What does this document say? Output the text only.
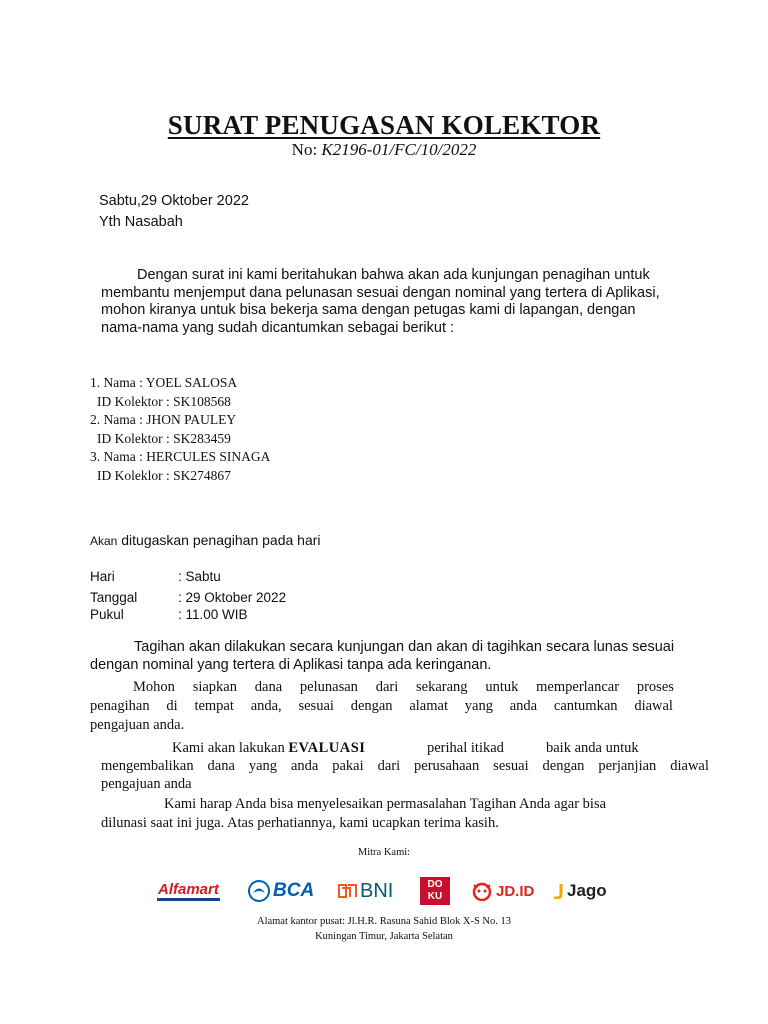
SURAT PENUGASAN KOLEKTOR
No: K2196-01/FC/10/2022
Sabtu,29 Oktober 2022
Yth Nasabah
Dengan surat ini kami beritahukan bahwa akan ada kunjungan penagihan untuk
membantu menjemput dana pelunasan sesuai dengan nominal yang tertera di Aplikasi,
mohon kiranya untuk bisa bekerja sama dengan petugas kami di lapangan, dengan
nama-nama yang sudah dicantumkan sebagai berikut :
1. Nama : YOEL SALOSA
ID Kolektor : SK108568
2. Nama : JHON PAULEY
ID Kolektor : SK283459
3. Nama : HERCULES SINAGA
ID Koleklor : SK274867
Akan ditugaskan penagihan pada hari
Hari	: Sabtu
Tanggal	: 29 Oktober 2022
Pukul	: 11.00 WIB
Tagihan akan dilakukan secara kunjungan dan akan di tagihkan secara lunas sesuai
dengan nominal yang tertera di Aplikasi tanpa ada keringanan.
Mohon siapkan dana pelunasan dari sekarang untuk memperlancar proses
penagihan di tempat anda, sesuai dengan alamat yang anda cantumkan diawal
pengajuan anda.
Kami akan lakukan EVALUASI	perihal itikad	baik anda untuk
mengembalikan dana yang anda pakai dari perusahaan sesuai dengan perjanjian diawal
pengajuan anda
Kami harap Anda bisa menyelesaikan permasalahan Tagihan Anda agar bisa
dilunasi saat ini juga. Atas perhatiannya, kami ucapkan terima kasih.
Mitra Kami:
Alfamart	BCA BNI	DO
KU	JD.ID Jago
Alamat kantor pusat: Jl.H.R. Rasuna Sahid Blok X-S No. 13
Kuningan Timur, Jakarta Selatan
